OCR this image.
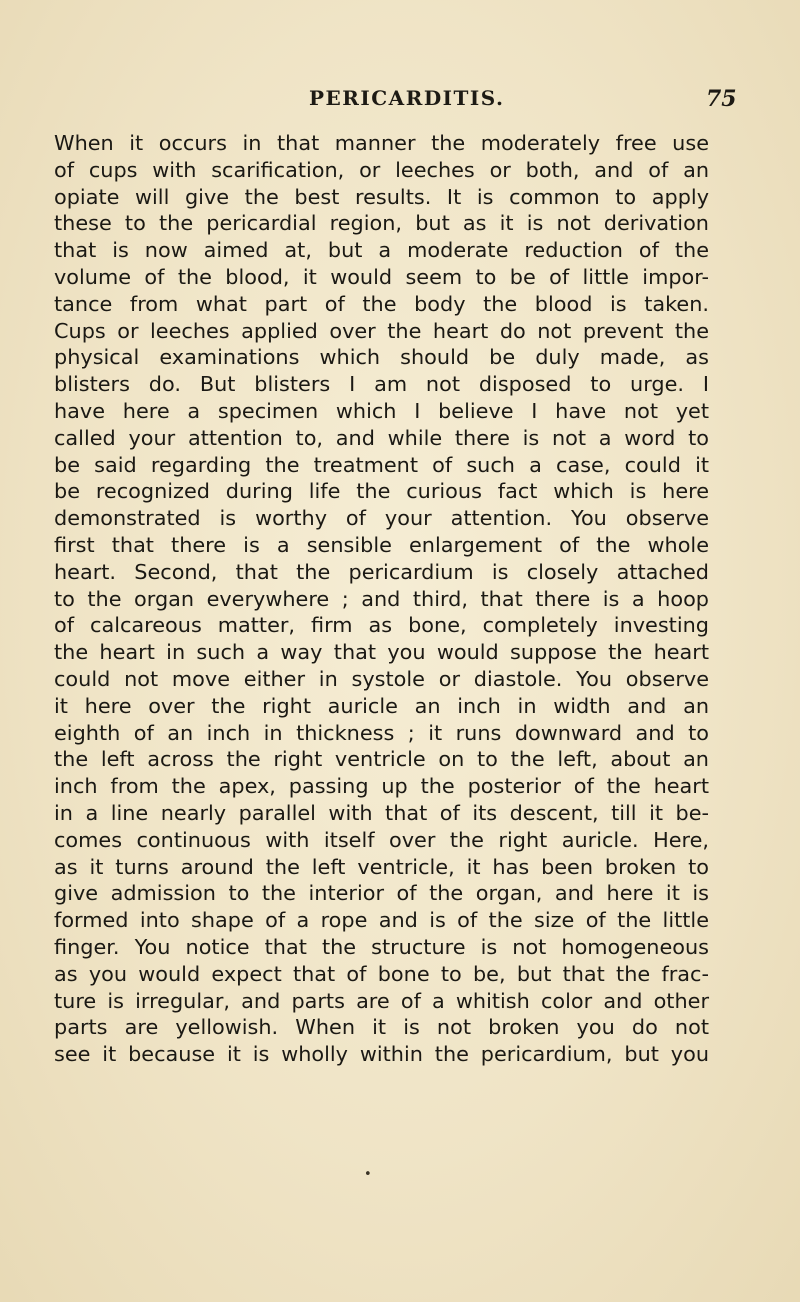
PERICARDITIS.	75
When it occurs in that manner the moderately free use
of cups with scarification, or leeches or both, and of an
opiate will give the best results. It is common to apply
these to the pericardial region, but as it is not derivation
that is now aimed at, but a moderate reduction of the
volume of the blood, it would seem to be of little impor-
tance from what part of the body the blood is taken.
Cups or leeches applied over the heart do not prevent the
physical examinations which should be duly made, as
blisters do. But blisters I am not disposed to urge. I
have here a specimen which I believe I have not yet
called your attention to, and while there is not a word to
be said regarding the treatment of such a case, could it
be recognized during life the curious fact which is here
demonstrated is worthy of your attention. You observe
first that there is a sensible enlargement of the whole
heart. Second, that the pericardium is closely attached
to the organ everywhere ; and third, that there is a hoop
of calcareous matter, firm as bone, completely investing
the heart in such a way that you would suppose the heart
could not move either in systole or diastole. You observe
it here over the right auricle an inch in width and an
eighth of an inch in thickness ; it runs downward and to
the left across the right ventricle on to the left, about an
inch from the apex, passing up the posterior of the heart
in a line nearly parallel with that of its descent, till it be-
comes continuous with itself over the right auricle. Here,
as it turns around the left ventricle, it has been broken to
give admission to the interior of the organ, and here it is
formed into shape of a rope and is of the size of the little
finger. You notice that the structure is not homogeneous
as you would expect that of bone to be, but that the frac-
ture is irregular, and parts are of a whitish color and other
parts are yellowish. When it is not broken you do not
see it because it is wholly within the pericardium, but you
•
